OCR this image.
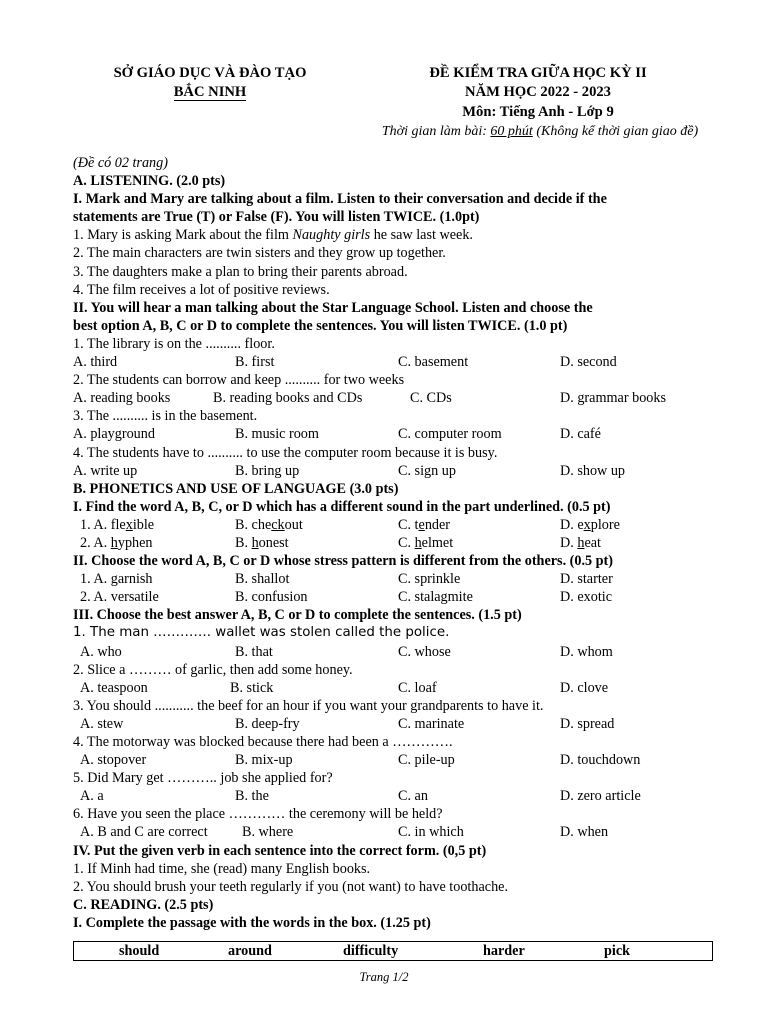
SỞ GIÁO DỤC VÀ ĐÀO TẠO
BẮC NINH
ĐỀ KIỂM TRA GIỮA HỌC KỲ II
NĂM HỌC 2022 - 2023
Môn: Tiếng Anh - Lớp 9
Thời gian làm bài: 60 phút (Không kể thời gian giao đề)
(Đề có 02 trang)
A. LISTENING. (2.0 pts)
I. Mark and Mary are talking about a film. Listen to their conversation and decide if the
statements are True (T) or False (F). You will listen TWICE. (1.0pt)
1. Mary is asking Mark about the film Naughty girls he saw last week.
2. The main characters are twin sisters and they grow up together.
3. The daughters make a plan to bring their parents abroad.
4. The film receives a lot of positive reviews.
II. You will hear a man talking about the Star Language School. Listen and choose the
best option A, B, C or D to complete the sentences. You will listen TWICE. (1.0 pt)
1. The library is on the .......... floor.
A. third	B. first	C. basement	D. second
2. The students can borrow and keep .......... for two weeks
A. reading books	B. reading books and CDs	C. CDs	D. grammar books
3. The .......... is in the basement.
A. playground	B. music room	C. computer room	D. café
4. The students have to .......... to use the computer room because it is busy.
A. write up	B. bring up	C. sign up	D. show up
B. PHONETICS AND USE OF LANGUAGE (3.0 pts)
I. Find the word A, B, C, or D which has a different sound in the part underlined. (0.5 pt)
1. A. flexible	B. checkout	C. tender	D. explore
2. A. hyphen	B. honest	C. helmet	D. heat
II. Choose the word A, B, C or D whose stress pattern is different from the others. (0.5 pt)
1. A. garnish	B. shallot	C. sprinkle	D. starter
2. A. versatile	B. confusion	C. stalagmite	D. exotic
III. Choose the best answer A, B, C or D to complete the sentences. (1.5 pt)
1. The man …………. wallet was stolen called the police.
A. who	B. that	C. whose	D. whom
2. Slice a ……… of garlic, then add some honey.
A. teaspoon	B. stick	C. loaf	D. clove
3. You should ........... the beef for an hour if you want your grandparents to have it.
A. stew	B. deep-fry	C. marinate	D. spread
4. The motorway was blocked because there had been a ………….
A. stopover	B. mix-up	C. pile-up	D. touchdown
5. Did Mary get ……….. job she applied for?
A. a	B. the	C. an	D. zero article
6. Have you seen the place ………… the ceremony will be held?
A. B and C are correct B. where	C. in which	D. when
IV. Put the given verb in each sentence into the correct form. (0,5 pt)
1. If Minh had time, she (read) many English books.
2. You should brush your teeth regularly if you (not want) to have toothache.
C. READING. (2.5 pts)
I. Complete the passage with the words in the box. (1.25 pt)
should	around	difficulty	harder	pick
Trang 1/2
